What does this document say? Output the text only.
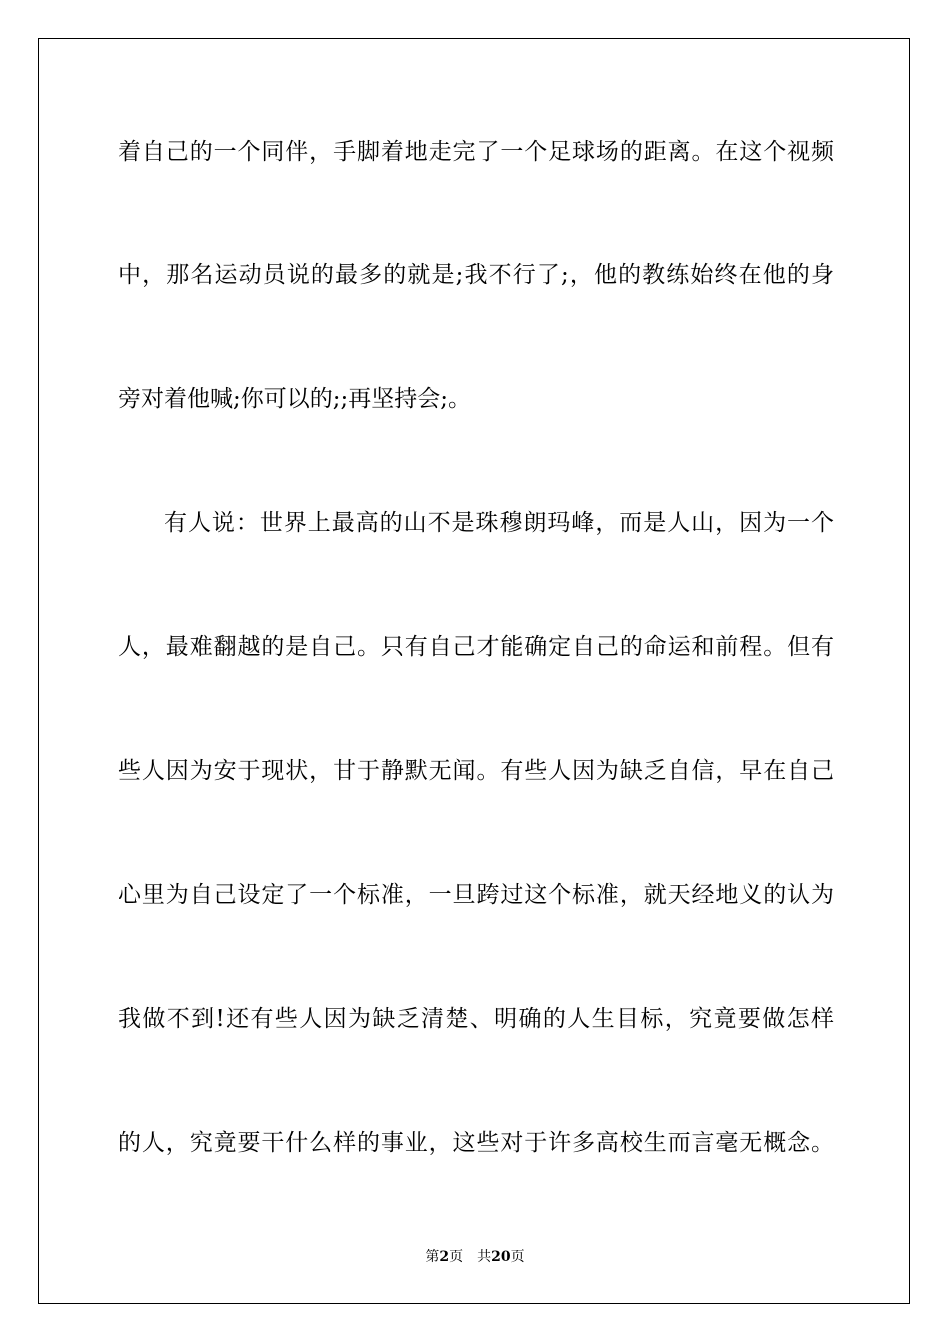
着自己的一个同伴，手脚着地走完了一个足球场的距离。在这个视频
中，那名运动员说的最多的就是;我不行了;，他的教练始终在他的身
旁对着他喊;你可以的;;再坚持会;。
有人说：世界上最高的山不是珠穆朗玛峰，而是人山，因为一个
人，最难翻越的是自己。只有自己才能确定自己的命运和前程。但有
些人因为安于现状，甘于静默无闻。有些人因为缺乏自信，早在自己
心里为自己设定了一个标准，一旦跨过这个标准，就天经地义的认为
我做不到!还有些人因为缺乏清楚、明确的人生目标，究竟要做怎样
的人，究竟要干什么样的事业，这些对于许多高校生而言毫无概念。
第2页 共20页
